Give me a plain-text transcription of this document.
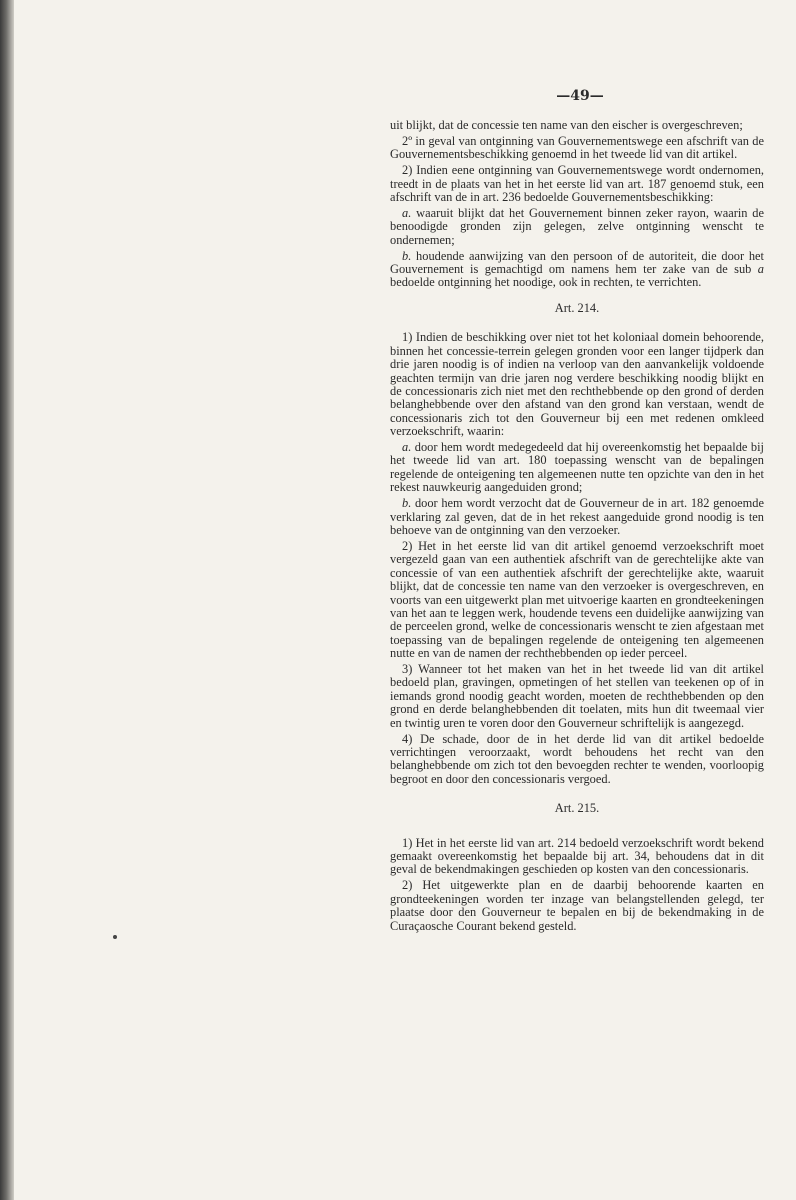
—49—

uit blijkt, dat de concessie ten name van den eischer is overgeschreven;

2º in geval van ontginning van Gouvernementswege een afschrift van de Gouvernementsbeschikking genoemd in het tweede lid van dit artikel.

2) Indien eene ontginning van Gouvernementswege wordt ondernomen, treedt in de plaats van het in het eerste lid van art. 187 genoemd stuk, een afschrift van de in art. 236 bedoelde Gouvernementsbeschikking:

a. waaruit blijkt dat het Gouvernement binnen zeker rayon, waarin de benoodigde gronden zijn gelegen, zelve ontginning wenscht te ondernemen;

b. houdende aanwijzing van den persoon of de autoriteit, die door het Gouvernement is gemachtigd om namens hem ter zake van de sub a bedoelde ontginning het noodige, ook in rechten, te verrichten.

Art. 214.

1) Indien de beschikking over niet tot het koloniaal domein behoorende, binnen het concessie-terrein gelegen gronden voor een langer tijdperk dan drie jaren noodig is of indien na verloop van den aanvankelijk voldoende geachten termijn van drie jaren nog verdere beschikking noodig blijkt en de concessionaris zich niet met den rechthebbende op den grond of derden belanghebbende over den afstand van den grond kan verstaan, wendt de concessionaris zich tot den Gouverneur bij een met redenen omkleed verzoekschrift, waarin:

a. door hem wordt medegedeeld dat hij overeenkomstig het bepaalde bij het tweede lid van art. 180 toepassing wenscht van de bepalingen regelende de onteigening ten algemeenen nutte ten opzichte van den in het rekest nauwkeurig aangeduiden grond;

b. door hem wordt verzocht dat de Gouverneur de in art. 182 genoemde verklaring zal geven, dat de in het rekest aangeduide grond noodig is ten behoeve van de ontginning van den verzoeker.

2) Het in het eerste lid van dit artikel genoemd verzoekschrift moet vergezeld gaan van een authentiek afschrift van de gerechtelijke akte van concessie of van een authentiek afschrift der gerechtelijke akte, waaruit blijkt, dat de concessie ten name van den verzoeker is overgeschreven, en voorts van een uitgewerkt plan met uitvoerige kaarten en grondteekeningen van het aan te leggen werk, houdende tevens een duidelijke aanwijzing van de perceelen grond, welke de concessionaris wenscht te zien afgestaan met toepassing van de bepalingen regelende de onteigening ten algemeenen nutte en van de namen der rechthebbenden op ieder perceel.

3) Wanneer tot het maken van het in het tweede lid van dit artikel bedoeld plan, gravingen, opmetingen of het stellen van teekenen op of in iemands grond noodig geacht worden, moeten de rechthebbenden op den grond en derde belanghebbenden dit toelaten, mits hun dit tweemaal vier en twintig uren te voren door den Gouverneur schriftelijk is aangezegd.

4) De schade, door de in het derde lid van dit artikel bedoelde verrichtingen veroorzaakt, wordt behoudens het recht van den belanghebbende om zich tot den bevoegden rechter te wenden, voorloopig begroot en door den concessionaris vergoed.

Art. 215.

1) Het in het eerste lid van art. 214 bedoeld verzoekschrift wordt bekend gemaakt overeenkomstig het bepaalde bij art. 34, behoudens dat in dit geval de bekendmakingen geschieden op kosten van den concessionaris.

2) Het uitgewerkte plan en de daarbij behoorende kaarten en grondteekeningen worden ter inzage van belangstellenden gelegd, ter plaatse door den Gouverneur te bepalen en bij de bekendmaking in de Curaçaosche Courant bekend gesteld.
